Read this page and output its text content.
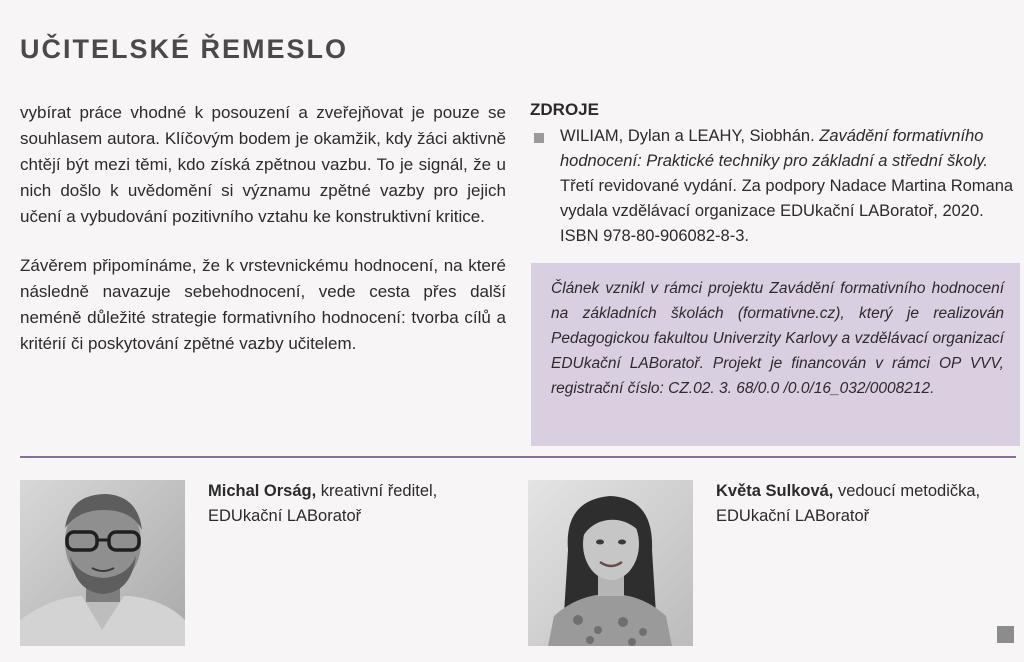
UČITELSKÉ ŘEMESLO

vybírat práce vhodné k posouzení a zveřejňovat je pouze se souhlasem autora. Klíčovým bodem je okamžik, kdy žáci aktivně chtějí být mezi těmi, kdo získá zpětnou vazbu. To je signál, že u nich došlo k uvědomění si významu zpětné vazby pro jejich učení a vybudování pozitivního vztahu ke konstruktivní kritice.

Závěrem připomínáme, že k vrstevnickému hodnocení, na které následně navazuje sebehodnocení, vede cesta přes další neméně důležité strategie formativního hodnocení: tvorba cílů a kritérií či poskytování zpětné vazby učitelem.

ZDROJE
WILIAM, Dylan a LEAHY, Siobhán. Zavádění formativního hodnocení: Praktické techniky pro základní a střední školy. Třetí revidované vydání. Za podpory Nadace Martina Romana vydala vzdělávací organizace EDUkační LABoratoř, 2020. ISBN 978-80-906082-8-3.
Článek vznikl v rámci projektu Zavádění formativního hodnocení na základních školách (formativne.cz), který je realizován Pedagogickou fakultou Univerzity Karlovy a vzdělávací organizací EDUkační LABoratoř. Projekt je financován v rámci OP VVV, registrační číslo: CZ.02. 3. 68/0.0 /0.0/16_032/0008212.
Michal Orság, kreativní ředitel, EDUkační LABoratoř
Květa Sulková, vedoucí metodička, EDUkační LABoratoř
